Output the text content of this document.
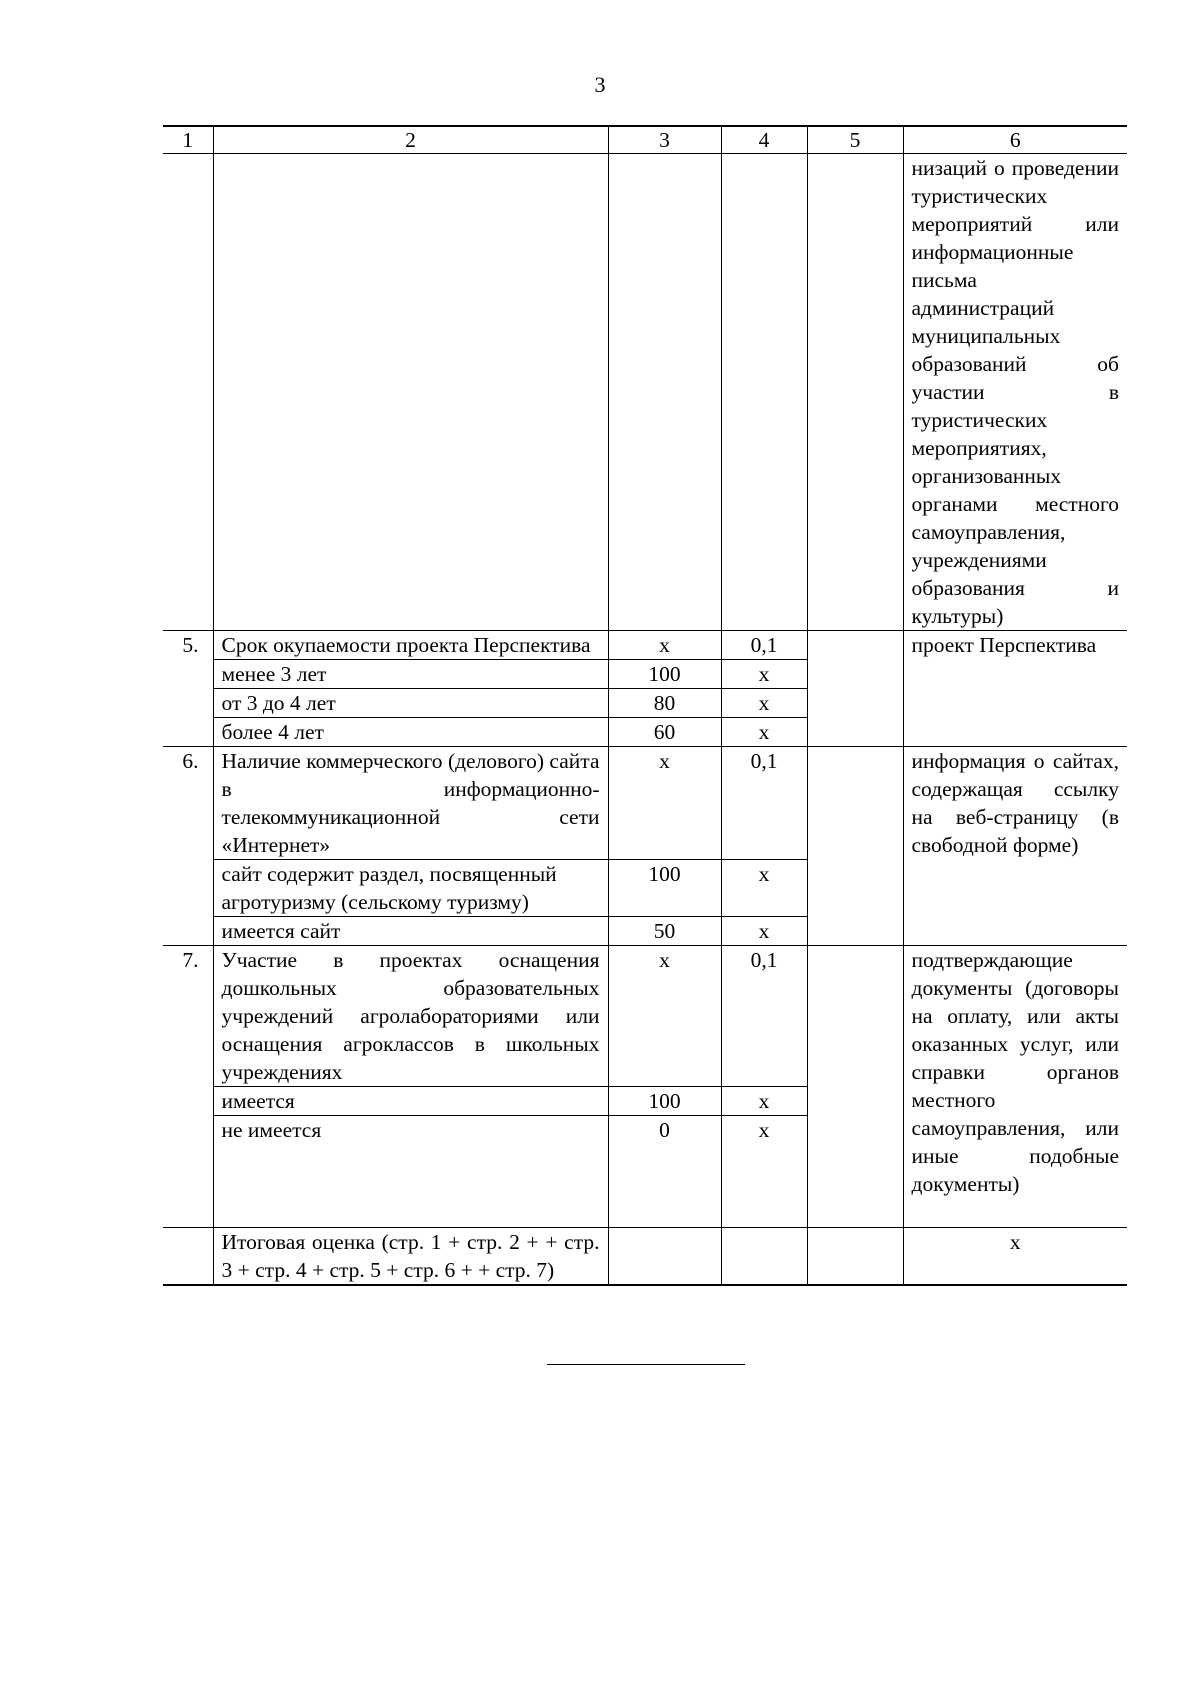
3
1	2	3	4	5	6
					низаций о проведении туристических мероприятий или информационные письма администраций муниципальных образований об участии в туристических мероприятиях, организованных органами местного самоуправления, учреждениями образования и культуры)
5.	Срок окупаемости проекта Перспектива	x	0,1		проект Перспектива
	менее 3 лет	100	x		
	от 3 до 4 лет	80	x		
	более 4 лет	60	x		
6.	Наличие коммерческого (делового) сайта в информационно-телекоммуникационной сети «Интернет»	x	0,1		информация о сайтах, содержащая ссылку на веб-страницу (в свободной форме)
	сайт содержит раздел, посвященный агротуризму (сельскому туризму)	100	x		
	имеется сайт	50	x		
7.	Участие в проектах оснащения дошкольных образовательных учреждений агролабораториями или оснащения агроклассов в школьных учреждениях	x	0,1		подтверждающие документы (договоры на оплату, или акты оказанных услуг, или справки органов местного самоуправления, или иные подобные документы)
	имеется	100	x		
	не имеется	0	x		
	Итоговая оценка (стр. 1 + стр. 2 + + стр. 3 + стр. 4 + стр. 5 + стр. 6 + + стр. 7)				x
